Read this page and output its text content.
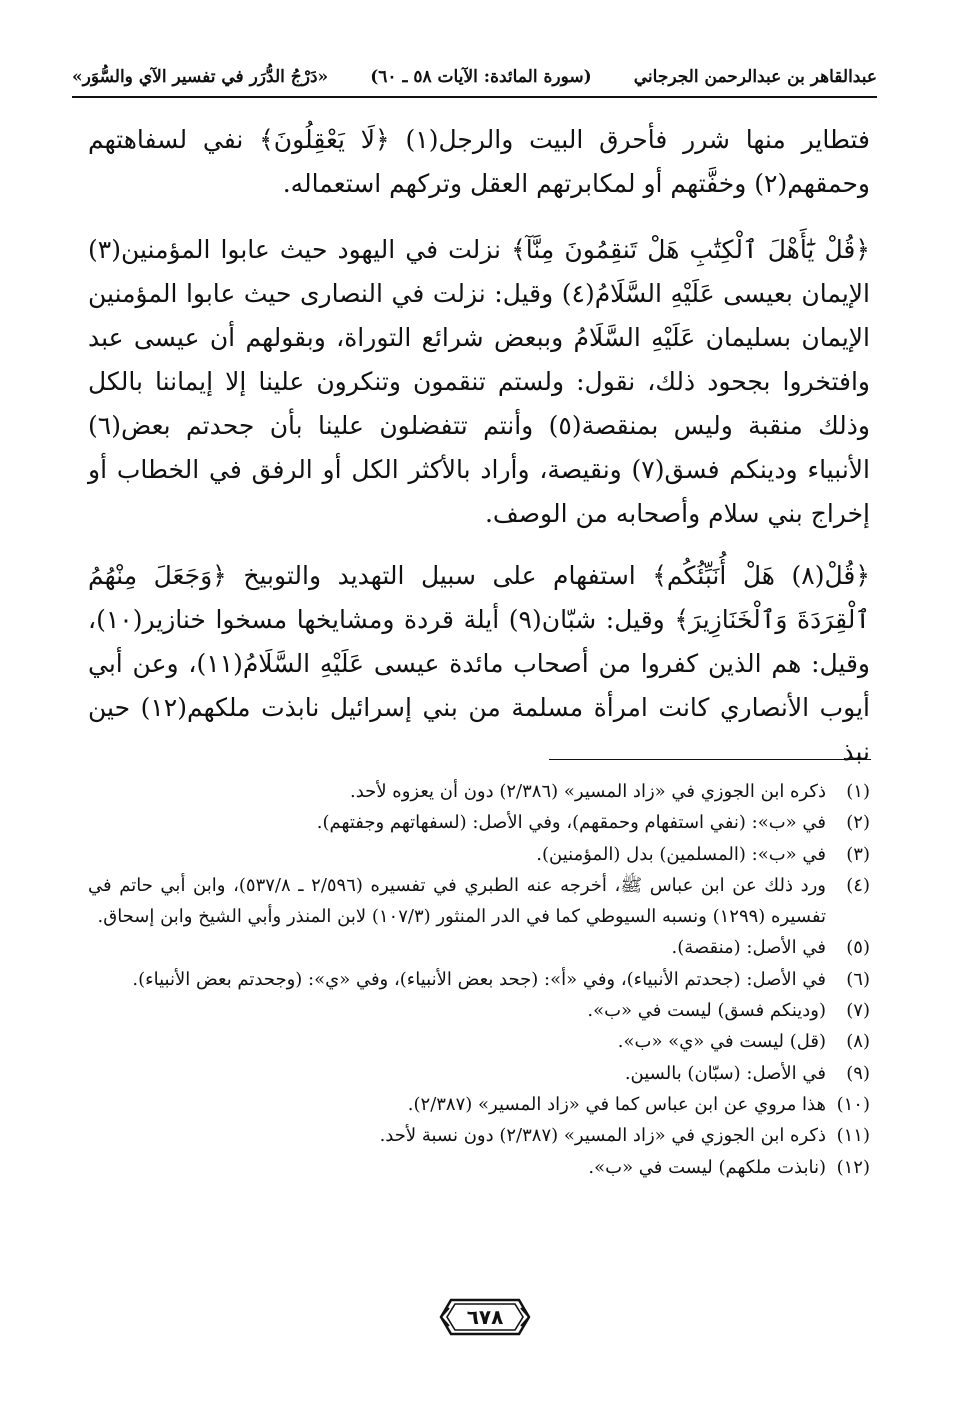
عبدالقاهر بن عبدالرحمن الجرجاني
(سورة المائدة: الآيات ٥٨ ـ ٦٠)
«دَرْجُ الدُّرَر في تفسير الآي والسُّوَر»

فتطاير منها شرر فأحرق البيت والرجل(١) ﴿لَا يَعْقِلُونَ﴾ نفي لسفاهتهم وحمقهم(٢) وخفَّتهم أو لمكابرتهم العقل وتركهم استعماله.

﴿قُلْ يَٰٓأَهْلَ ٱلْكِتَٰبِ هَلْ تَنقِمُونَ مِنَّآ﴾ نزلت في اليهود حيث عابوا المؤمنين(٣) الإيمان بعيسى عَلَيْهِ السَّلَامُ(٤) وقيل: نزلت في النصارى حيث عابوا المؤمنين الإيمان بسليمان عَلَيْهِ السَّلَامُ وببعض شرائع التوراة، وبقولهم أن عيسى عبد وافتخروا بجحود ذلك، نقول: ولستم تنقمون وتنكرون علينا إلا إيماننا بالكل وذلك منقبة وليس بمنقصة(٥) وأنتم تتفضلون علينا بأن جحدتم بعض(٦) الأنبياء ودينكم فسق(٧) ونقيصة، وأراد بالأكثر الكل أو الرفق في الخطاب أو إخراج بني سلام وأصحابه من الوصف.

﴿قُلْ(٨) هَلْ أُنَبِّئُكُم﴾ استفهام على سبيل التهديد والتوبيخ ﴿وَجَعَلَ مِنْهُمُ ٱلْقِرَدَةَ وَٱلْخَنَازِيرَ﴾ وقيل: شبّان(٩) أيلة قردة ومشايخها مسخوا خنازير(١٠)، وقيل: هم الذين كفروا من أصحاب مائدة عيسى عَلَيْهِ السَّلَامُ(١١)، وعن أبي أيوب الأنصاري كانت امرأة مسلمة من بني إسرائيل نابذت ملكهم(١٢) حين نبذ

(١)
ذكره ابن الجوزي في «زاد المسير» (٢/٣٨٦) دون أن يعزوه لأحد.
(٢)
في «ب»: (نفي استفهام وحمقهم)، وفي الأصل: (لسفهاتهم وجفتهم).
(٣)
في «ب»: (المسلمين) بدل (المؤمنين).
(٤)
ورد ذلك عن ابن عباس ﷺ، أخرجه عنه الطبري في تفسيره (٢/٥٩٦ ـ ٥٣٧/٨)، وابن أبي حاتم في تفسيره (١٢٩٩) ونسبه السيوطي كما في الدر المنثور (١٠٧/٣) لابن المنذر وأبي الشيخ وابن إسحاق.
(٥)
في الأصل: (منقصة).
(٦)
في الأصل: (جحدتم الأنبياء)، وفي «أ»: (جحد بعض الأنبياء)، وفي «ي»: (وجحدتم بعض الأنبياء).
(٧)
(ودينكم فسق) ليست في «ب».
(٨)
(قل) ليست في «ي» «ب».
(٩)
في الأصل: (سبّان) بالسين.
(١٠)
هذا مروي عن ابن عباس كما في «زاد المسير» (٢/٣٨٧).
(١١)
ذكره ابن الجوزي في «زاد المسير» (٢/٣٨٧) دون نسبة لأحد.
(١٢)
(نابذت ملكهم) ليست في «ب».
٦٧٨
